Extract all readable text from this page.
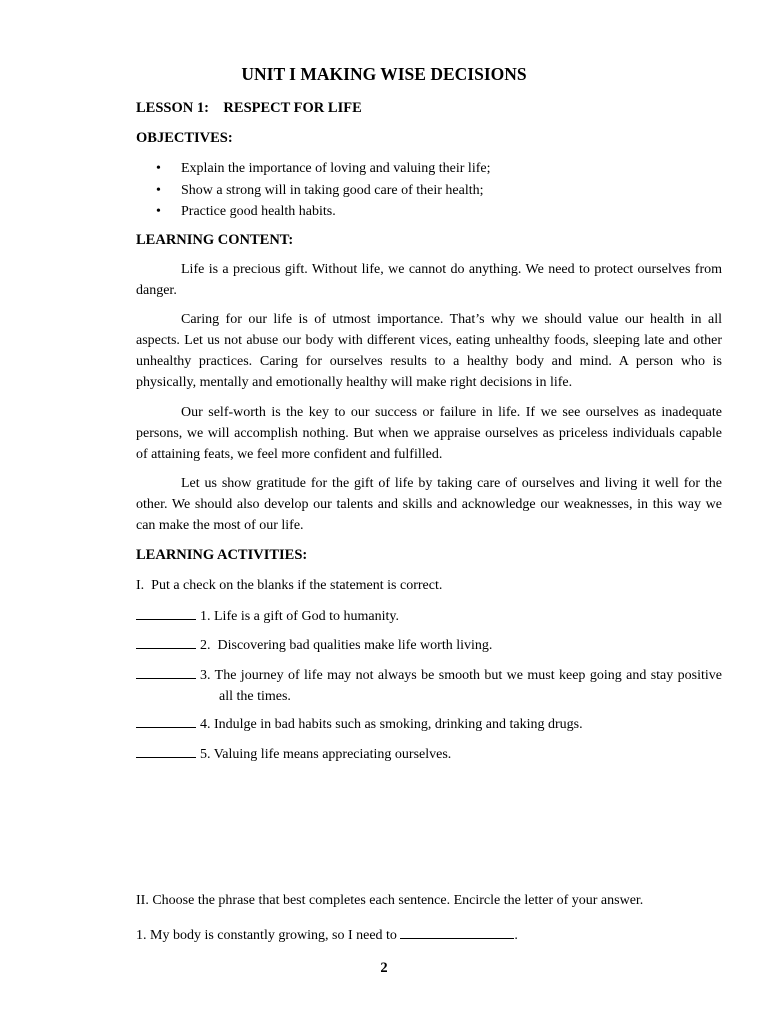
UNIT I MAKING WISE DECISIONS
LESSON 1:    RESPECT FOR LIFE
OBJECTIVES:
• Explain the importance of loving and valuing their life;
• Show a strong will in taking good care of their health;
• Practice good health habits.
LEARNING CONTENT:
Life is a precious gift. Without life, we cannot do anything. We need to protect ourselves from danger.
Caring for our life is of utmost importance. That’s why we should value our health in all aspects. Let us not abuse our body with different vices, eating unhealthy foods, sleeping late and other unhealthy practices. Caring for ourselves results to a healthy body and mind. A person who is physically, mentally and emotionally healthy will make right decisions in life.
Our self-worth is the key to our success or failure in life. If we see ourselves as inadequate persons, we will accomplish nothing. But when we appraise ourselves as priceless individuals capable of attaining feats, we feel more confident and fulfilled.
Let us show gratitude for the gift of life by taking care of ourselves and living it well for the other. We should also develop our talents and skills and acknowledge our weaknesses, in this way we can make the most of our life.
LEARNING ACTIVITIES:
I.  Put a check on the blanks if the statement is correct.
1. Life is a gift of God to humanity.
2.  Discovering bad qualities make life worth living.
3. The journey of life may not always be smooth but we must keep going and stay positive all the times.
4. Indulge in bad habits such as smoking, drinking and taking drugs.
5. Valuing life means appreciating ourselves.
II. Choose the phrase that best completes each sentence. Encircle the letter of your answer.
1. My body is constantly growing, so I need to	.
2
